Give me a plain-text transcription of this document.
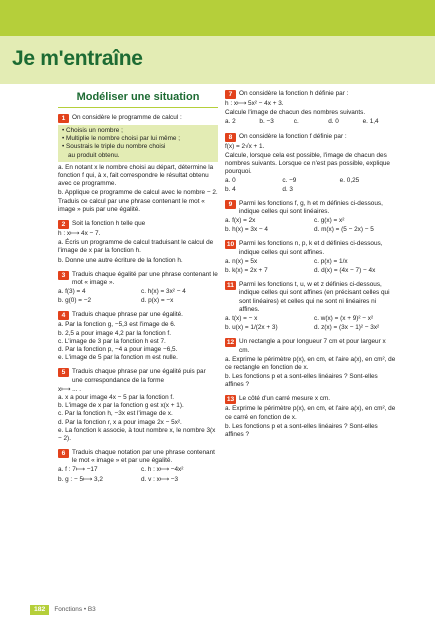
Je m'entraîne
Modéliser une situation
1	On considère le programme de calcul :
• Choisis un nombre ;
• Multiplie le nombre choisi par lui même ;
• Soustrais le triple du nombre choisi
au produit obtenu.
a. En notant x le nombre choisi au départ, détermine la fonction f qui, à x, fait correspondre le résultat obtenu avec ce programme.
b. Applique ce programme de calcul avec le nombre − 2. Traduis ce calcul par une phrase contenant le mot « image » puis par une égalité.
2	Soit la fonction h telle que
h : x⟼ 4x − 7.
a. Écris un programme de calcul traduisant le calcul de l'image de x par la fonction h.
b. Donne une autre écriture de la fonction h.
3	Traduis chaque égalité par une phrase contenant le mot « image ».
a. f(3) = 4	c. h(x) = 3x² − 4
b. g(0) = −2	d. p(x) = −x
4	Traduis chaque phrase par une égalité.
a. Par la fonction g, −5,3 est l'image de 6.
b. 2,5 a pour image 4,2 par la fonction f.
c. L'image de 3 par la fonction h est 7.
d. Par la fonction p, −4 a pour image −6,5.
e. L'image de 5 par la fonction m est nulle.
5	Traduis chaque phrase par une égalité puis par une correspondance de la forme
x⟼ ... .
a. x a pour image 4x − 5 par la fonction f.
b. L'image de x par la fonction g est x(x + 1).
c. Par la fonction h, −3x est l'image de x.
d. Par la fonction r, x a pour image 2x − 5x².
e. La fonction k associe, à tout nombre x, le nombre 3(x − 2).
6	Traduis chaque notation par une phrase contenant le mot « image » et par une égalité.
a. f : 7⟼ −17	c. h : x⟼ −4x²
b. g : − 5⟼ 3,2	d. v : x⟼ −3
7	On considère la fonction h définie par :
h : x⟼ 5x² − 4x + 3.
Calcule l'image de chacun des nombres suivants.
a. 2	b. −3	c.	d. 0	e. 1,4
8	On considère la fonction f définie par :
f(x) = 2√x + 1.
Calcule, lorsque cela est possible, l'image de chacun des nombres suivants. Lorsque ce n'est pas possible, explique pourquoi.
a. 0	c. −9	e. 0,25
b. 4	d. 3
9	Parmi les fonctions f, g, h et m définies ci-dessous, indique celles qui sont linéaires.
a. f(x) = 2x	c. g(x) = x²
b. h(x) = 3x − 4	d. m(x) = (5 − 2x) − 5
10 Parmi les fonctions n, p, k et d définies ci-dessous, indique celles qui sont affines.
a. n(x) = 5x	c. p(x) = 1/x
b. k(x) = 2x + 7	d. d(x) = (4x − 7) − 4x
11 Parmi les fonctions t, u, w et z définies ci-dessous, indique celles qui sont affines (en précisant celles qui sont linéaires) et celles qui ne sont ni linéaires ni affines.
a. t(x) = − x	c. w(x) = (x + 9)² − x²
b. u(x) = 1/(2x + 3)	d. z(x) = (3x − 1)² − 3x²
12 Un rectangle a pour longueur 7 cm et pour largeur x cm.
a. Exprime le périmètre p(x), en cm, et l'aire a(x), en cm², de ce rectangle en fonction de x.
b. Les fonctions p et a sont-elles linéaires ? Sont-elles affines ?
13 Le côté d'un carré mesure x cm.
a. Exprime le périmètre p(x), en cm, et l'aire a(x), en cm², de ce carré en fonction de x.
b. Les fonctions p et a sont-elles linéaires ? Sont-elles affines ?
182	Fonctions • B3
